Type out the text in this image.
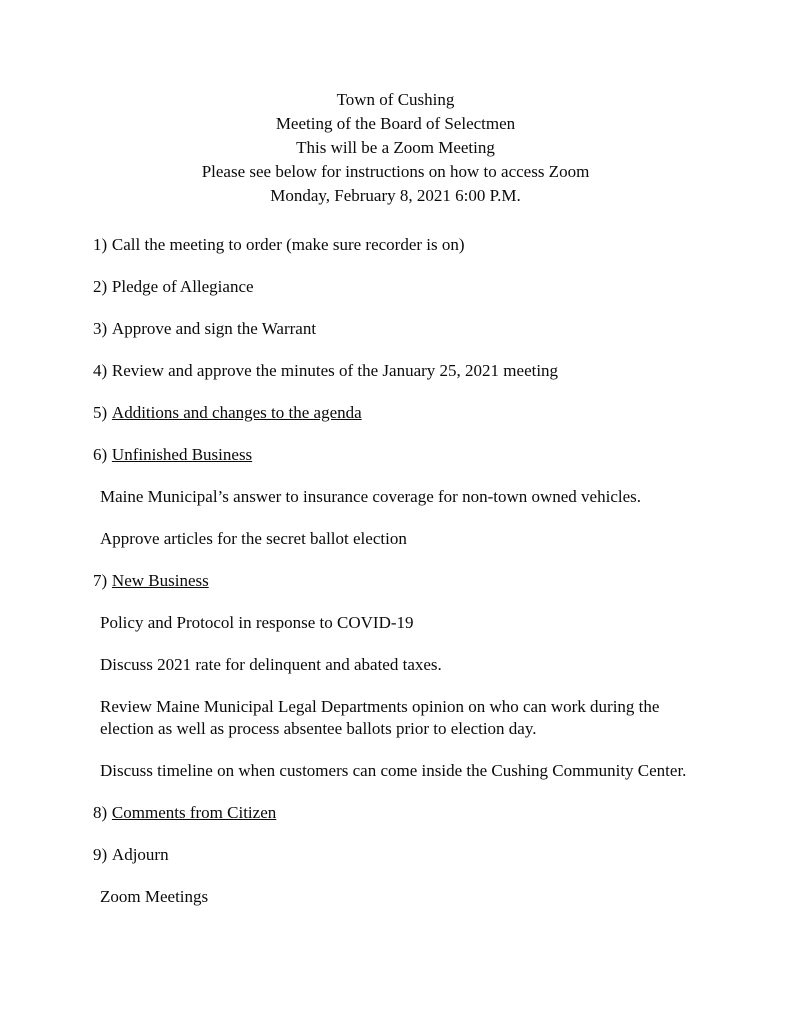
Town of Cushing

Meeting of the Board of Selectmen

This will be a Zoom Meeting

Please see below for instructions on how to access Zoom

Monday, February 8, 2021 6:00 P.M.

1) Call the meeting to order (make sure recorder is on)

2) Pledge of Allegiance

3) Approve and sign the Warrant

4) Review and approve the minutes of the January 25, 2021 meeting

5) Additions and changes to the agenda

6) Unfinished Business

Maine Municipal’s answer to insurance coverage for non-town owned vehicles.

Approve articles for the secret ballot election

7) New Business

Policy and Protocol in response to COVID-19

Discuss 2021 rate for delinquent and abated taxes.

Review Maine Municipal Legal Departments opinion on who can work during the election as well as process absentee ballots prior to election day.

Discuss timeline on when customers can come inside the Cushing Community Center.

8) Comments from Citizen

9) Adjourn

Zoom Meetings
